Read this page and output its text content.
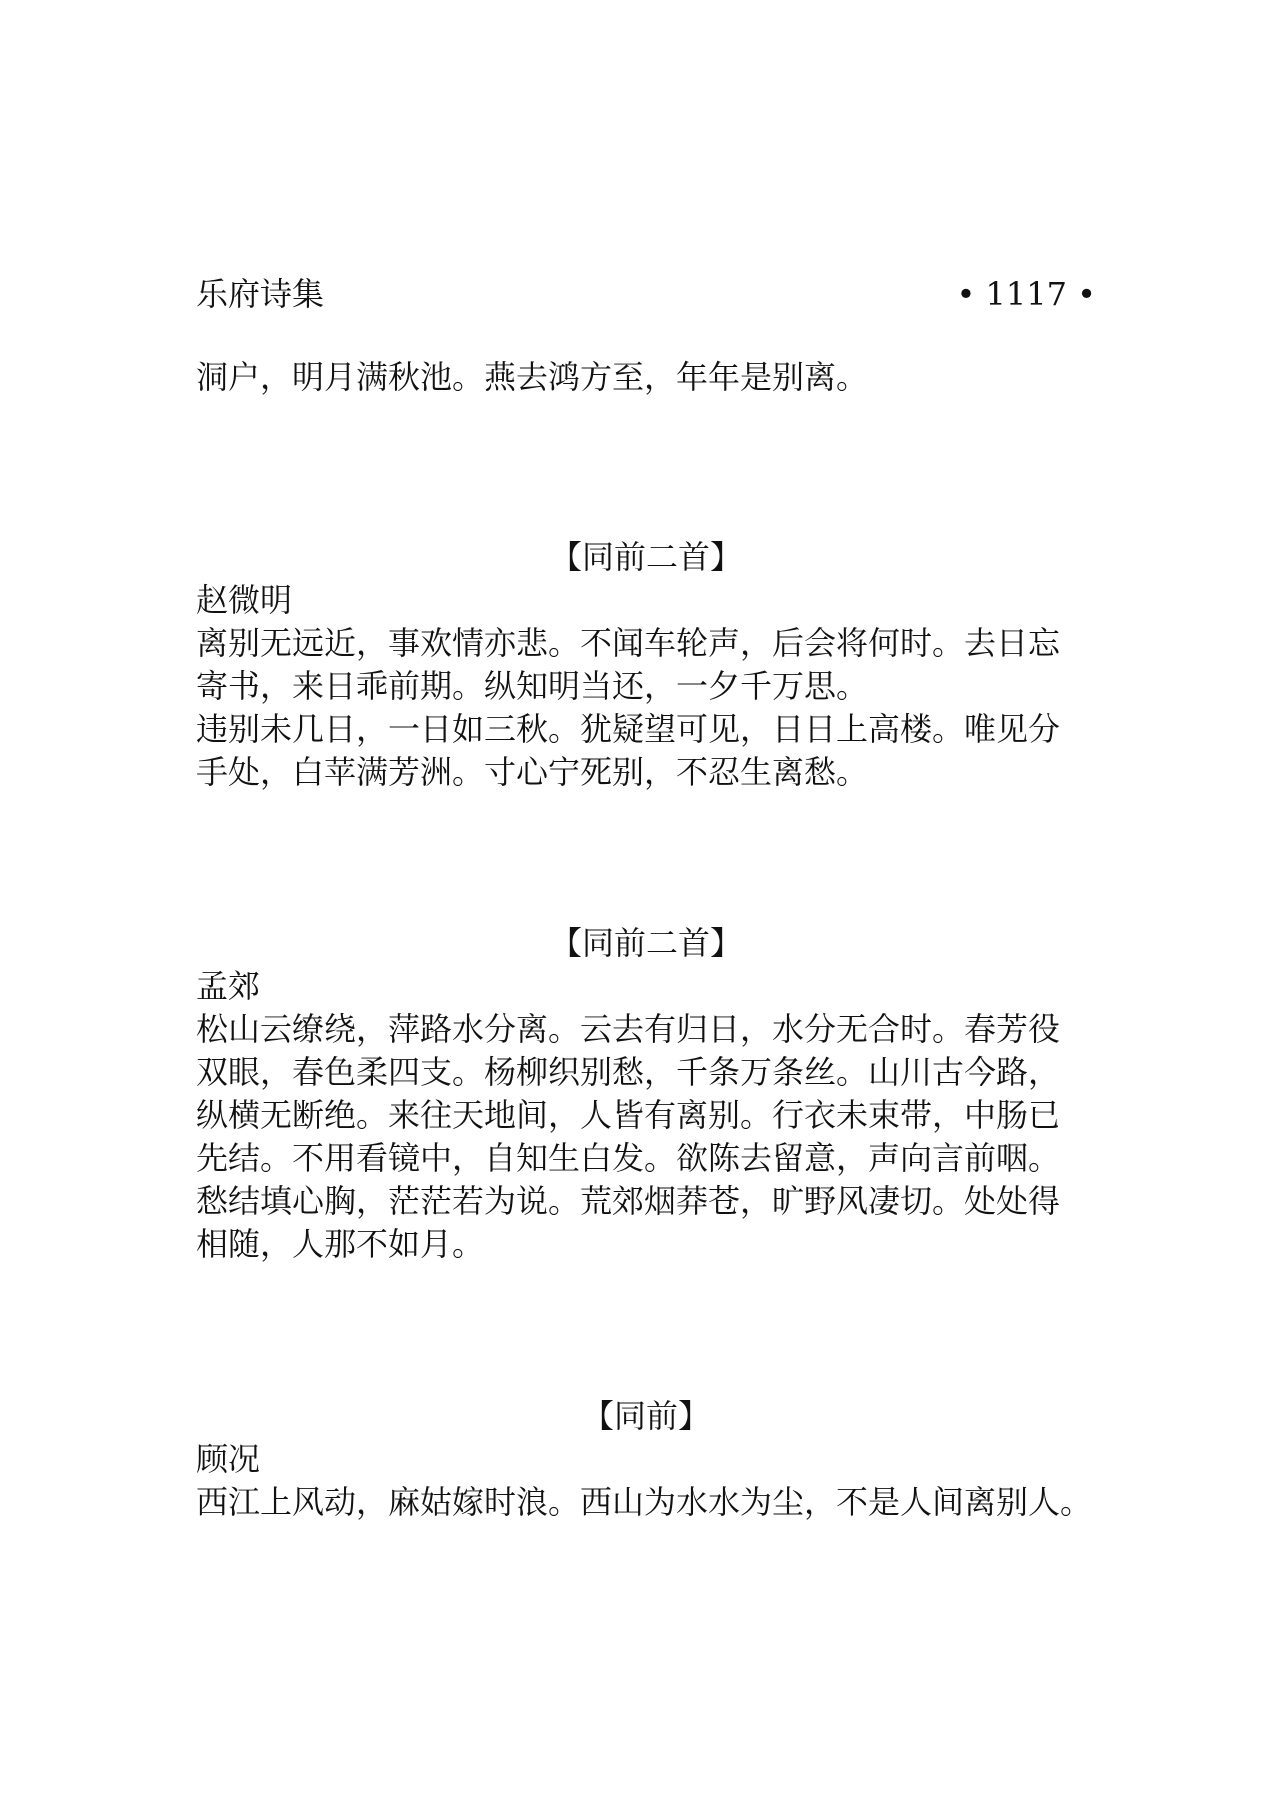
乐府诗集	• 1117 •
洞户，明月满秋池。燕去鸿方至，年年是别离。
【同前二首】
赵微明
离别无远近，事欢情亦悲。不闻车轮声，后会将何时。去日忘
寄书，来日乖前期。纵知明当还，一夕千万思。
违别未几日，一日如三秋。犹疑望可见，日日上高楼。唯见分
手处，白苹满芳洲。寸心宁死别，不忍生离愁。
【同前二首】
孟郊
松山云缭绕，萍路水分离。云去有归日，水分无合时。春芳役
双眼，春色柔四支。杨柳织别愁，千条万条丝。山川古今路，
纵横无断绝。来往天地间，人皆有离别。行衣未束带，中肠已
先结。不用看镜中，自知生白发。欲陈去留意，声向言前咽。
愁结填心胸，茫茫若为说。荒郊烟莽苍，旷野风凄切。处处得
相随，人那不如月。
【同前】
顾况
西江上风动，麻姑嫁时浪。西山为水水为尘，不是人间离别人。
